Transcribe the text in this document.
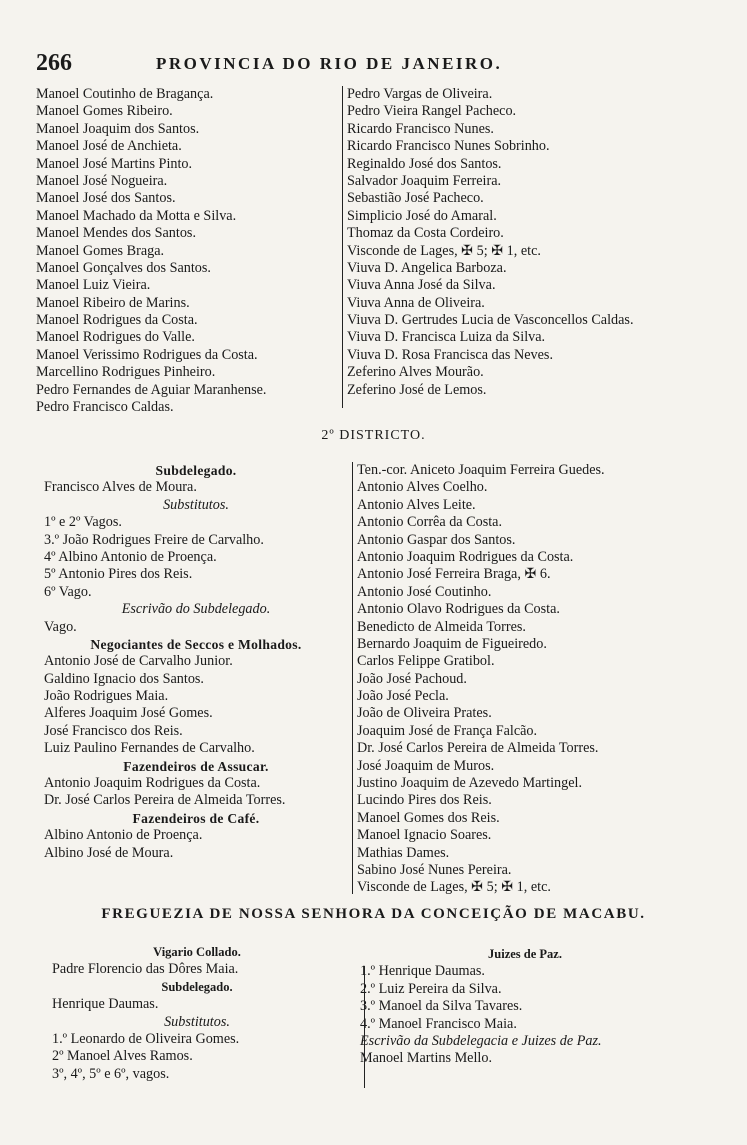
266	PROVINCIA DO RIO DE JANEIRO.
Manoel Coutinho de Bragança.
Manoel Gomes Ribeiro.
Manoel Joaquim dos Santos.
Manoel José de Anchieta.
Manoel José Martins Pinto.
Manoel José Nogueira.
Manoel José dos Santos.
Manoel Machado da Motta e Silva.
Manoel Mendes dos Santos.
Manoel Gomes Braga.
Manoel Gonçalves dos Santos.
Manoel Luiz Vieira.
Manoel Ribeiro de Marins.
Manoel Rodrigues da Costa.
Manoel Rodrigues do Valle.
Manoel Verissimo Rodrigues da Costa.
Marcellino Rodrigues Pinheiro.
Pedro Fernandes de Aguiar Maranhense.
Pedro Francisco Caldas.
Pedro Vargas de Oliveira.
Pedro Vieira Rangel Pacheco.
Ricardo Francisco Nunes.
Ricardo Francisco Nunes Sobrinho.
Reginaldo José dos Santos.
Salvador Joaquim Ferreira.
Sebastião José Pacheco.
Simplicio José do Amaral.
Thomaz da Costa Cordeiro.
Visconde de Lages, ✠ 5; ✠ 1, etc.
Viuva D. Angelica Barboza.
Viuva Anna José da Silva.
Viuva Anna de Oliveira.
Viuva D. Gertrudes Lucia de Vasconcellos Caldas.
Viuva D. Francisca Luiza da Silva.
Viuva D. Rosa Francisca das Neves.
Zeferino Alves Mourão.
Zeferino José de Lemos.
2º DISTRICTO.
Subdelegado.
Francisco Alves de Moura.
Substitutos.
1º e 2º Vagos.
3.º João Rodrigues Freire de Carvalho.
4º Albino Antonio de Proença.
5º Antonio Pires dos Reis.
6º Vago.
Escrivão do Subdelegado.
Vago.
Negociantes de Seccos e Molhados.
Antonio José de Carvalho Junior.
Galdino Ignacio dos Santos.
João Rodrigues Maia.
Alferes Joaquim José Gomes.
José Francisco dos Reis.
Luiz Paulino Fernandes de Carvalho.
Fazendeiros de Assucar.
Antonio Joaquim Rodrigues da Costa.
Dr. José Carlos Pereira de Almeida Torres.
Fazendeiros de Café.
Albino Antonio de Proença.
Albino José de Moura.
Ten.-cor. Aniceto Joaquim Ferreira Guedes.
Antonio Alves Coelho.
Antonio Alves Leite.
Antonio Corrêa da Costa.
Antonio Gaspar dos Santos.
Antonio Joaquim Rodrigues da Costa.
Antonio José Ferreira Braga, ✠ 6.
Antonio José Coutinho.
Antonio Olavo Rodrigues da Costa.
Benedicto de Almeida Torres.
Bernardo Joaquim de Figueiredo.
Carlos Felippe Gratibol.
João José Pachoud.
João José Pecla.
João de Oliveira Prates.
Joaquim José de França Falcão.
Dr. José Carlos Pereira de Almeida Torres.
José Joaquim de Muros.
Justino Joaquim de Azevedo Martingel.
Lucindo Pires dos Reis.
Manoel Gomes dos Reis.
Manoel Ignacio Soares.
Mathias Dames.
Sabino José Nunes Pereira.
Visconde de Lages, ✠ 5; ✠ 1, etc.
FREGUEZIA DE NOSSA SENHORA DA CONCEIÇÃO DE MACABU.
Vigario Collado.
Padre Florencio das Dôres Maia.
Subdelegado.
Henrique Daumas.
Substitutos.
1.º Leonardo de Oliveira Gomes.
2º Manoel Alves Ramos.
3º, 4º, 5º e 6º, vagos.
Juizes de Paz.
1.º Henrique Daumas.
2.º Luiz Pereira da Silva.
3.º Manoel da Silva Tavares.
4.º Manoel Francisco Maia.
Escrivão da Subdelegacia e Juizes de Paz.
Manoel Martins Mello.
